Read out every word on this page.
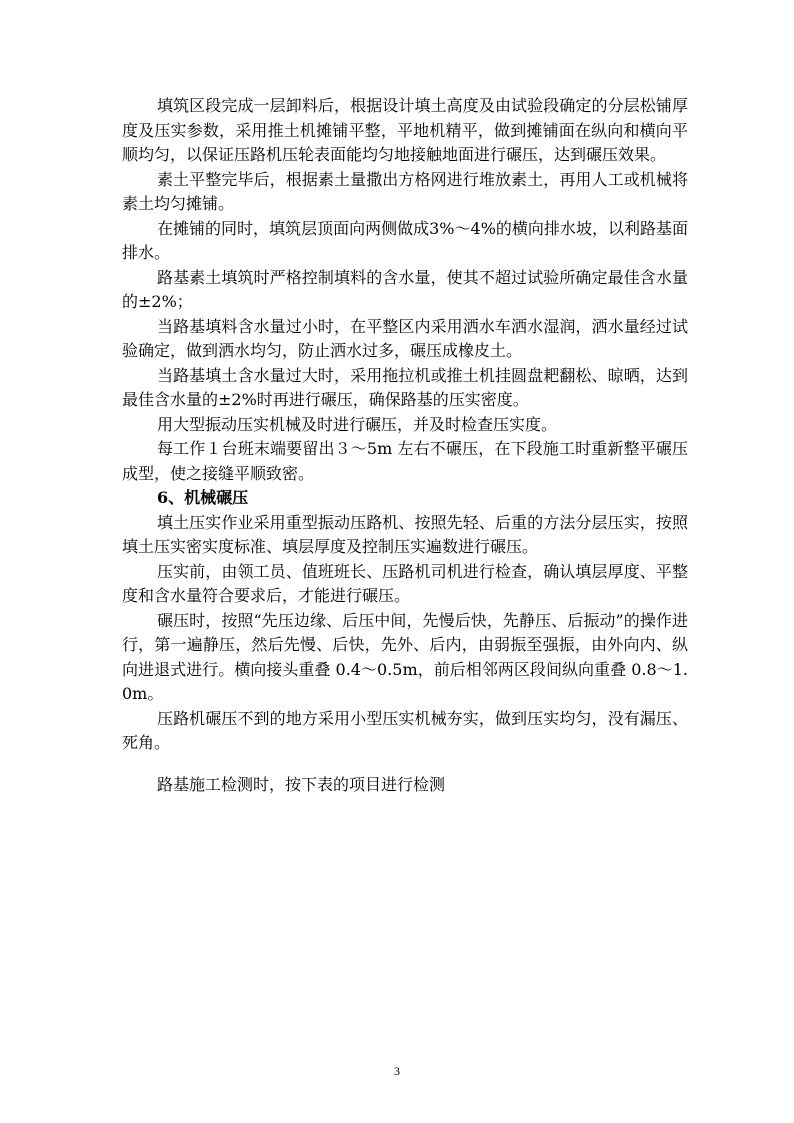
填筑区段完成一层卸料后，根据设计填土高度及由试验段确定的分层松铺厚度及压实参数，采用推土机摊铺平整，平地机精平，做到摊铺面在纵向和横向平顺均匀，以保证压路机压轮表面能均匀地接触地面进行碾压，达到碾压效果。

素土平整完毕后，根据素土量撒出方格网进行堆放素土，再用人工或机械将素土均匀摊铺。

在摊铺的同时，填筑层顶面向两侧做成3%～4%的横向排水坡，以利路基面排水。

路基素土填筑时严格控制填料的含水量，使其不超过试验所确定最佳含水量的±2%；

当路基填料含水量过小时，在平整区内采用洒水车洒水湿润，洒水量经过试验确定，做到洒水均匀，防止洒水过多，碾压成橡皮土。

当路基填土含水量过大时，采用拖拉机或推土机挂圆盘耙翻松、晾晒，达到最佳含水量的±2%时再进行碾压，确保路基的压实密度。

用大型振动压实机械及时进行碾压，并及时检查压实度。

每工作１台班末端要留出３～5m 左右不碾压，在下段施工时重新整平碾压成型，使之接缝平顺致密。

6、机械碾压

填土压实作业采用重型振动压路机、按照先轻、后重的方法分层压实，按照填土压实密实度标准、填层厚度及控制压实遍数进行碾压。

压实前，由领工员、值班班长、压路机司机进行检查，确认填层厚度、平整度和含水量符合要求后，才能进行碾压。

碾压时，按照“先压边缘、后压中间，先慢后快，先静压、后振动”的操作进行，第一遍静压，然后先慢、后快，先外、后内，由弱振至强振，由外向内、纵向进退式进行。横向接头重叠 0.4～0.5m，前后相邻两区段间纵向重叠 0.8～1.0m。

压路机碾压不到的地方采用小型压实机械夯实，做到压实均匀，没有漏压、死角。

路基施工检测时，按下表的项目进行检测

3
